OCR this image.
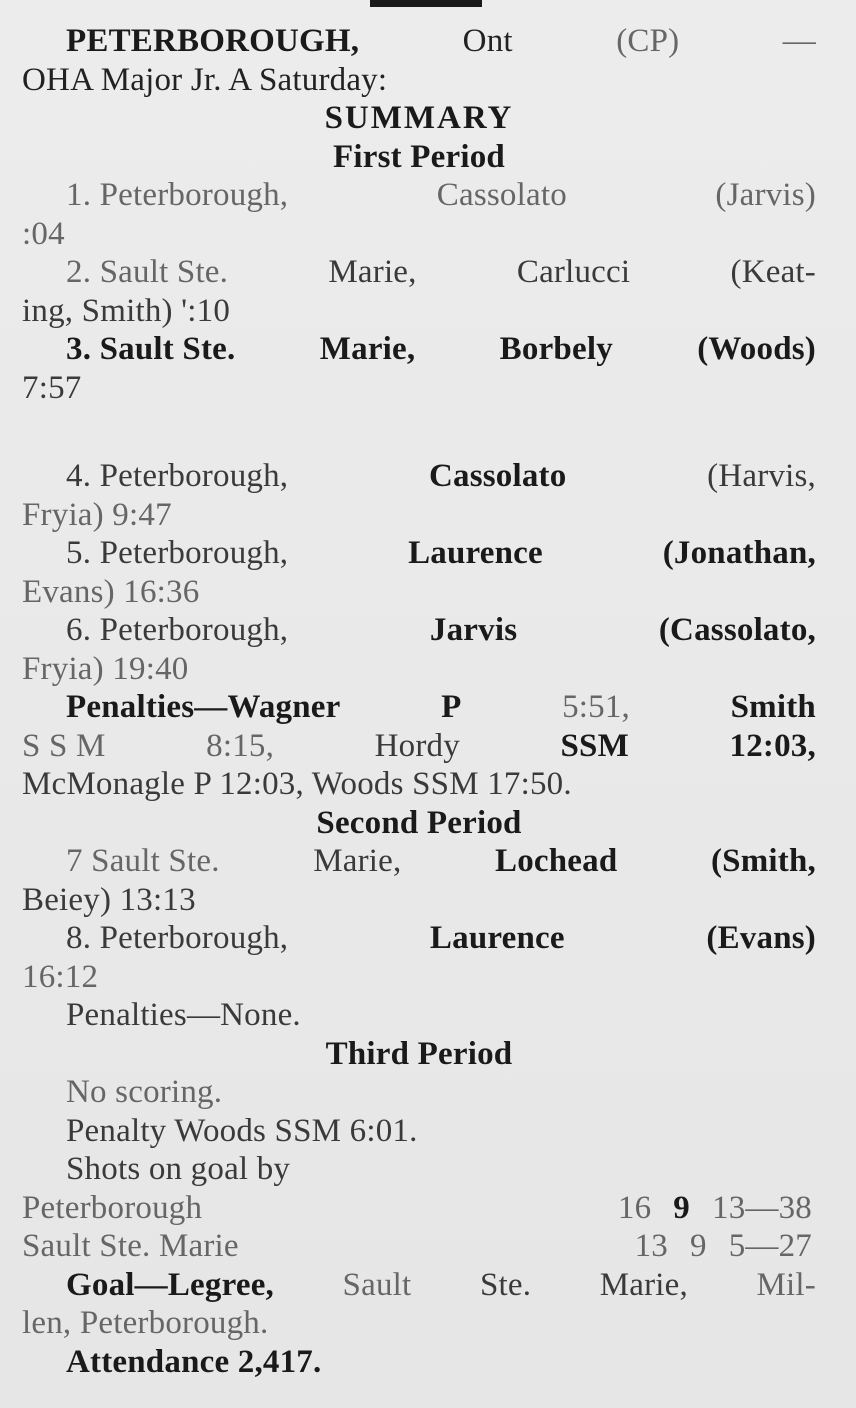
PETERBOROUGH,	Ont	(CP)	—
OHA Major Jr. A Saturday:
SUMMARY
First Period
1. Peterborough,	Cassolato	(Jarvis)
:04
2. Sault Ste.	Marie,	Carlucci	(Keat-
ing, Smith) ':10
3. Sault Ste.	Marie,	Borbely	(Woods)
7:57
4. Peterborough,	Cassolato	(Harvis,
Fryia) 9:47
5. Peterborough,	Laurence	(Jonathan,
Evans) 16:36
6. Peterborough,	Jarvis	(Cassolato,
Fryia) 19:40
Penalties—Wagner	P	5:51,	Smith
S S M	8:15,	Hordy	SSM	12:03,
McMonagle P 12:03, Woods SSM 17:50.
Second Period
7 Sault Ste.	Marie,	Lochead	(Smith,
Beiey) 13:13
8. Peterborough,	Laurence	(Evans)
16:12
Penalties—None.
Third Period
No scoring.
Penalty Woods SSM 6:01.
Shots on goal by
Peterborough	16 9 13—38
Sault Ste. Marie	13 9 5—27
Goal—Legree, Sault Ste. Marie, Mil-
len, Peterborough.
Attendance 2,417.
